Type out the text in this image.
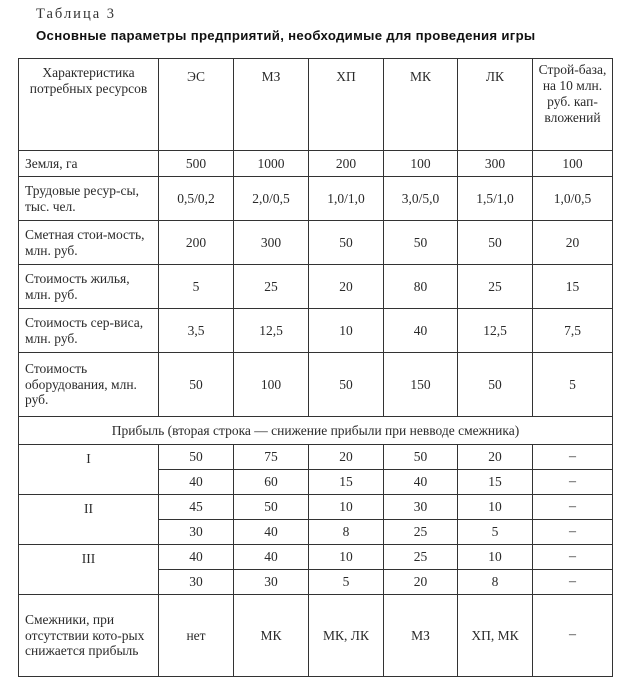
Таблица 3
Основные параметры предприятий, необходимые для проведения игры
Характеристика потребных ресурсов	ЭС	МЗ	ХП	МК	ЛК	Строй-база, на 10 млн. руб. кап-вложений
Земля, га	500	1000	200	100	300	100
Трудовые ресур-сы, тыс. чел.	0,5/0,2	2,0/0,5	1,0/1,0	3,0/5,0	1,5/1,0	1,0/0,5
Сметная стои-мость, млн. руб.	200	300	50	50	50	20
Стоимость жилья, млн. руб.	5	25	20	80	25	15
Стоимость сер-виса, млн. руб.	3,5	12,5	10	40	12,5	7,5
Стоимость оборудования, млн. руб.	50	100	50	150	50	5
Прибыль (вторая строка — снижение прибыли при невводе смежника)						
I	50	75	20	50	20	–
	40	60	15	40	15	–
II	45	50	10	30	10	–
	30	40	8	25	5	–
III	40	40	10	25	10	–
	30	30	5	20	8	–
Смежники, при отсутствии кото-рых снижается прибыль	нет	МК	МК, ЛК	МЗ	ХП, МК	–
